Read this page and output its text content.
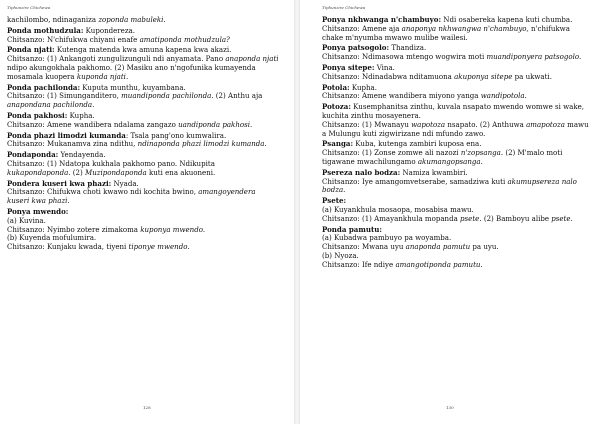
Tiphunzire Chichewa

kachilombo, ndinaganiza zoponda mabuleki.

Ponda mothudzula: Kupondereza.

Chitsanzo: N'chifukwa chiyani enafe amatiponda mothudzula?

Ponda njati: Kutenga matenda kwa amuna kapena kwa akazi.

Chitsanzo: (1) Ankangoti zungulizunguli ndi anyamata. Pano anaponda njati ndipo akungokhala pakhomo. (2) Masiku ano n'ngofunika kumayenda mosamala kuopera kuponda njati.

Ponda pachilonda: Kuputa munthu, kuyambana.

Chitsanzo: (1) Simunganditero, muandiponda pachilonda. (2) Anthu aja anapondana pachilonda.

Ponda pakhosi: Kupha.

Chitsanzo: Amene wandibera ndalama zangazo uandiponda pakhosi.

Ponda phazi limodzi kumanda: Tsala pang'ono kumwalira.

Chitsanzo: Mukanamva zina ndithu, ndinaponda phazi limodzi kumanda.

Pondaponda: Yendayenda.

Chitsanzo: (1) Ndatopa kukhala pakhomo pano. Ndikupita kukapondaponda. (2) Muzipondaponda kuti ena akuoneni.

Pondera kuseri kwa phazi: Nyada.

Chitsanzo: Chifukwa choti kwawo ndi kochita bwino, amangoyendera kuseri kwa phazi.

Ponya mwendo:

(a) Kuvina.

Chitsanzo: Nyimbo zotere zimakoma kuponya mwendo.

(b) Kuyenda mofulumira.

Chitsanzo: Kunjaku kwada, tiyeni tiponye mwendo.

128
Tiphunzire Chichewa

Ponya nkhwanga n'chambuyo: Ndi osabereka kapena kuti chumba.

Chitsanzo: Amene aja anaponya nkhwangwa n'chambuyo, n'chifukwa chake m'nyumba mwawo mulibe wailesi.

Ponya patsogolo: Thandiza.

Chitsanzo: Ndimasowa mtengo wogwira moti muandiponyera patsogolo.

Ponya sitepe: Vina.

Chitsanzo: Ndinadabwa nditamuona akuponya sitepe pa ukwati.

Potola: Kupha.

Chitsanzo: Amene wandibera miyono yanga wandipotola.

Potoza: Kusemphanitsa zinthu, kuvala nsapato mwendo womwe si wake, kuchita zinthu mosayenera.

Chitsanzo: (1) Mwanayu wapotoza nsapato. (2) Anthuwa amapotoza mawu a Mulungu kuti zigwirizane ndi mfundo zawo.

Psanga: Kuba, kutenga zambiri kuposa ena.

Chitsanzo: (1) Zonse zomwe ali nazozi n'zopsanga. (2) M'malo moti tigawane mwachilungamo akumangopsanga.

Psereza nalo bodza: Namiza kwambiri.

Chitsanzo: Iye amangomvetserabe, samadziwa kuti akumupsereza nalo bodza.

Psete:

(a) Kuyankhula mosaopa, mosabisa mawu.

Chitsanzo: (1) Amayankhula mopanda psete. (2) Bamboyu alibe psete.

Ponda pamutu:

(a) Kubadwa pambuyo pa woyamba.

Chitsanzo: Mwana uyu anaponda pamutu pa uyu.

(b) Nyoza.

Chitsanzo: Ife ndiye amangotiponda pamutu.

130
